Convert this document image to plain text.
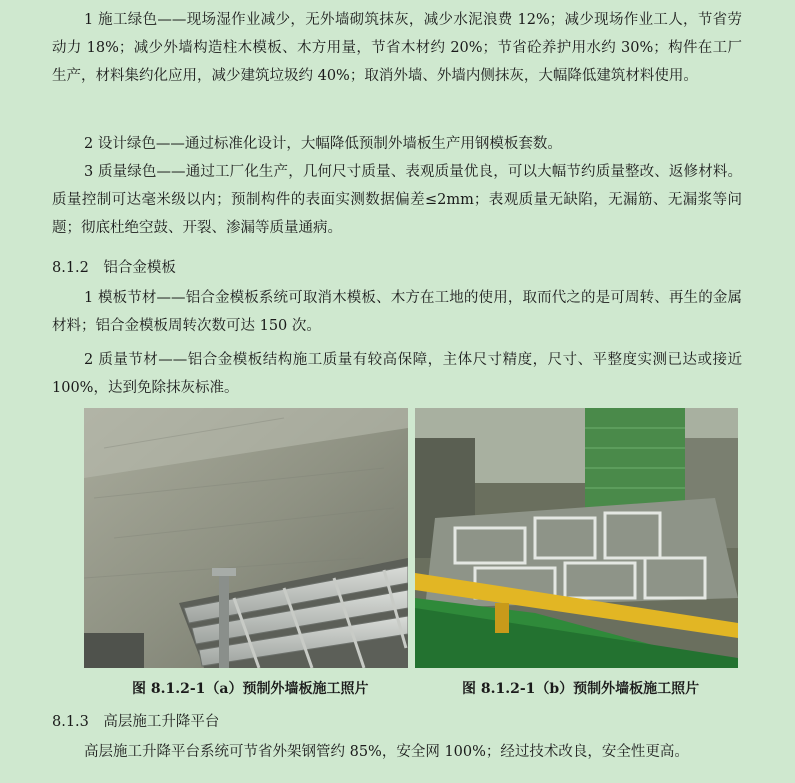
1 施工绿色——现场湿作业减少，无外墙砌筑抹灰，减少水泥浪费 12%；减少现场作业工人，节省劳动力 18%；减少外墙构造柱木模板、木方用量，节省木材约 20%；节省砼养护用水约 30%；构件在工厂生产，材料集约化应用，减少建筑垃圾约 40%；取消外墙、外墙内侧抹灰，大幅降低建筑材料使用。

2 设计绿色——通过标准化设计，大幅降低预制外墙板生产用钢模板套数。

3 质量绿色——通过工厂化生产，几何尺寸质量、表观质量优良，可以大幅节约质量整改、返修材料。质量控制可达毫米级以内；预制构件的表面实测数据偏差≤2mm；表观质量无缺陷，无漏筋、无漏浆等问题；彻底杜绝空鼓、开裂、渗漏等质量通病。

8.1.2　铝合金模板

1 模板节材——铝合金模板系统可取消木模板、木方在工地的使用，取而代之的是可周转、再生的金属材料；铝合金模板周转次数可达 150 次。

2 质量节材——铝合金模板结构施工质量有较高保障，主体尺寸精度，尺寸、平整度实测已达或接近 100%，达到免除抹灰标准。

图 8.1.2-1（a）预制外墙板施工照片	图 8.1.2-1（b）预制外墙板施工照片

8.1.3　高层施工升降平台

高层施工升降平台系统可节省外架钢管约 85%，安全网 100%；经过技术改良，安全性更高。
